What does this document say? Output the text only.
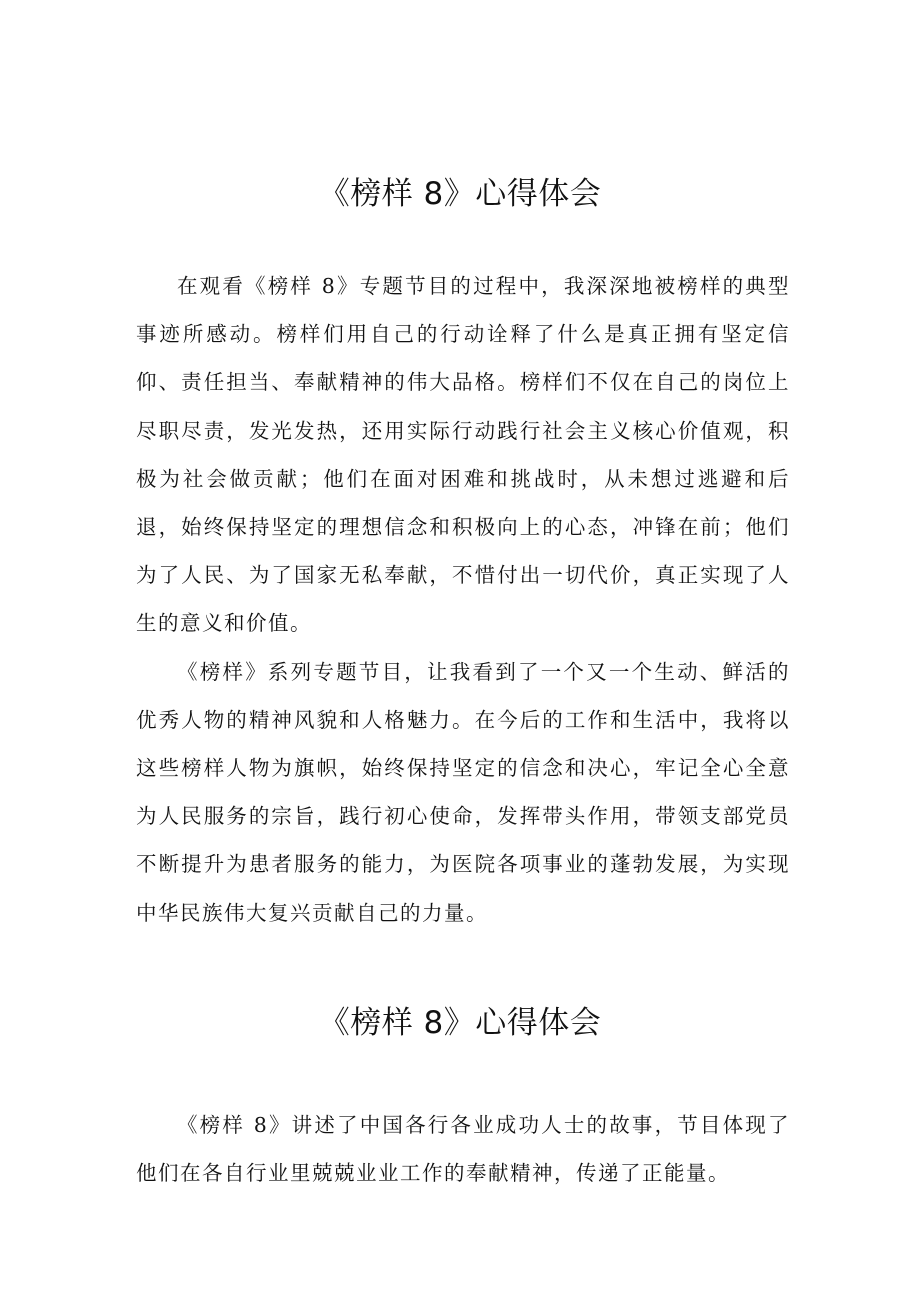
《榜样 8》心得体会

在观看《榜样 8》专题节目的过程中，我深深地被榜样的典型事迹所感动。榜样们用自己的行动诠释了什么是真正拥有坚定信仰、责任担当、奉献精神的伟大品格。榜样们不仅在自己的岗位上尽职尽责，发光发热，还用实际行动践行社会主义核心价值观，积极为社会做贡献；他们在面对困难和挑战时，从未想过逃避和后退，始终保持坚定的理想信念和积极向上的心态，冲锋在前；他们为了人民、为了国家无私奉献，不惜付出一切代价，真正实现了人生的意义和价值。

《榜样》系列专题节目，让我看到了一个又一个生动、鲜活的优秀人物的精神风貌和人格魅力。在今后的工作和生活中，我将以这些榜样人物为旗帜，始终保持坚定的信念和决心，牢记全心全意为人民服务的宗旨，践行初心使命，发挥带头作用，带领支部党员不断提升为患者服务的能力，为医院各项事业的蓬勃发展，为实现中华民族伟大复兴贡献自己的力量。

《榜样 8》心得体会

《榜样 8》讲述了中国各行各业成功人士的故事，节目体现了他们在各自行业里兢兢业业工作的奉献精神，传递了正能量。
